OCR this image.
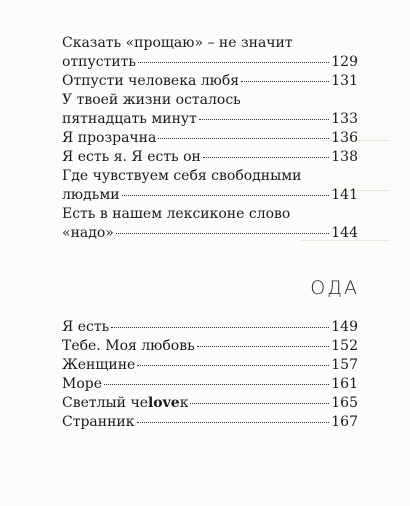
Сказать «прощаю» – не значит
отпустить	129
Отпусти человека любя	131
У твоей жизни осталось
пятнадцать минут	133
Я прозрачна	136
Я есть я. Я есть он	138
Где чувствуем себя свободными
людьми	141
Есть в нашем лексиконе слово
«надо»	144
ОДА
Я есть	149
Тебе. Моя любовь	152
Женщине	157
Море	161
Светлый чеloveк	165
Странник	167
